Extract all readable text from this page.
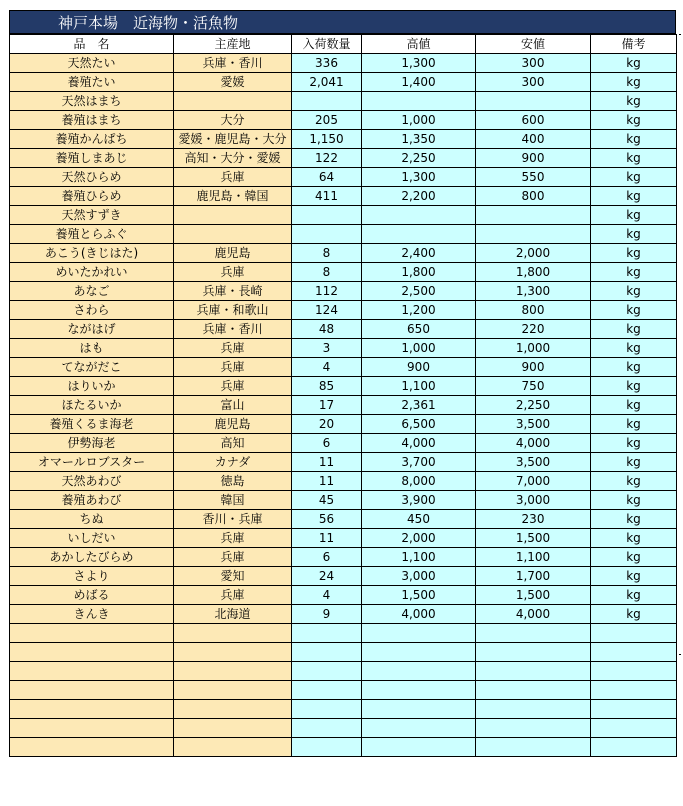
神戸本場　近海物・活魚物
品　名	主産地	入荷数量	高値	安値	備考
天然たい	兵庫・香川	336	1,300	300	kg
養殖たい	愛媛	2,041	1,400	300	kg
天然はまち					kg
養殖はまち	大分	205	1,000	600	kg
養殖かんぱち	愛媛・鹿児島・大分	1,150	1,350	400	kg
養殖しまあじ	高知・大分・愛媛	122	2,250	900	kg
天然ひらめ	兵庫	64	1,300	550	kg
養殖ひらめ	鹿児島・韓国	411	2,200	800	kg
天然すずき					kg
養殖とらふぐ					kg
あこう(きじはた)	鹿児島	8	2,400	2,000	kg
めいたかれい	兵庫	8	1,800	1,800	kg
あなご	兵庫・長崎	112	2,500	1,300	kg
さわら	兵庫・和歌山	124	1,200	800	kg
ながはげ	兵庫・香川	48	650	220	kg
はも	兵庫	3	1,000	1,000	kg
てながだこ	兵庫	4	900	900	kg
はりいか	兵庫	85	1,100	750	kg
ほたるいか	富山	17	2,361	2,250	kg
養殖くるま海老	鹿児島	20	6,500	3,500	kg
伊勢海老	高知	6	4,000	4,000	kg
オマールロブスター	カナダ	11	3,700	3,500	kg
天然あわび	徳島	11	8,000	7,000	kg
養殖あわび	韓国	45	3,900	3,000	kg
ちぬ	香川・兵庫	56	450	230	kg
いしだい	兵庫	11	2,000	1,500	kg
あかしたびらめ	兵庫	6	1,100	1,100	kg
さより	愛知	24	3,000	1,700	kg
めばる	兵庫	4	1,500	1,500	kg
きんき	北海道	9	4,000	4,000	kg
